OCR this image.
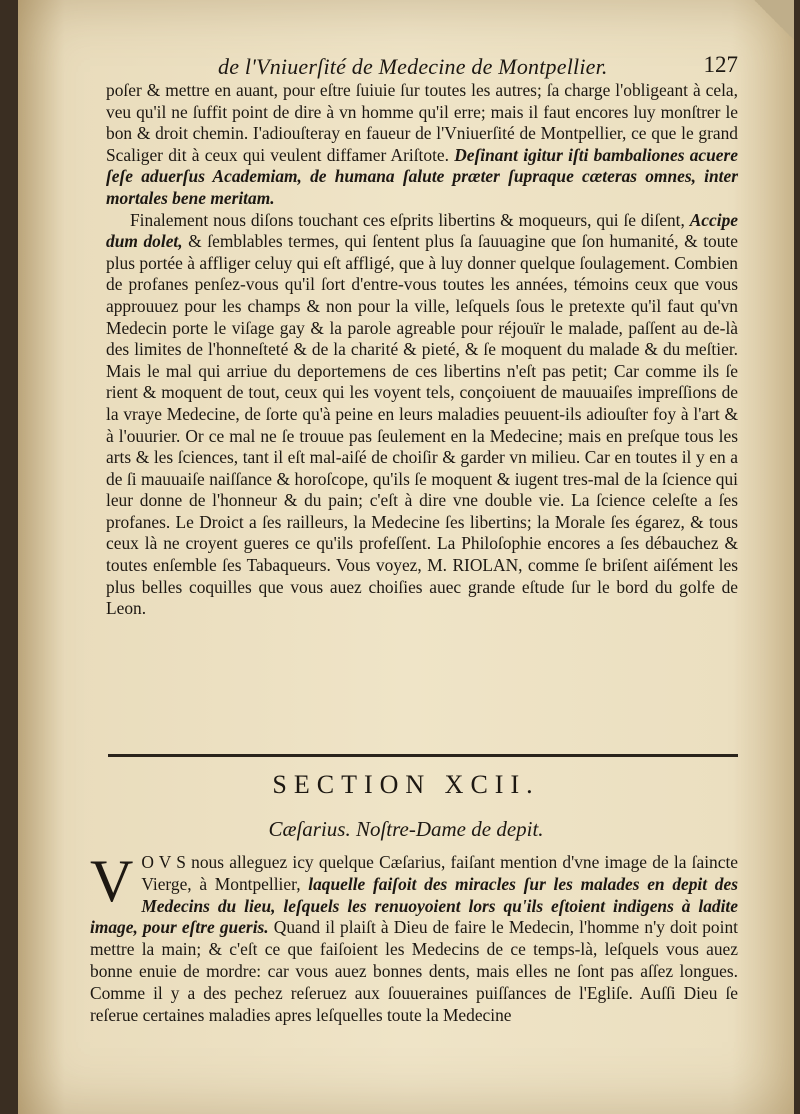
de l'Vniuerſité de Medecine de Montpellier.	127

poſer & mettre en auant, pour eſtre ſuiuie ſur toutes les autres; ſa charge l'obligeant à cela, veu qu'il ne ſuffit point de dire à vn homme qu'il erre; mais il faut encores luy monſtrer le bon & droit chemin. I'adiouſteray en faueur de l'Vniuerſité de Montpellier, ce que le grand Scaliger dit à ceux qui veulent diffamer Ariſtote. Deſinant igitur iſti bambaliones acuere ſeſe aduerſus Academiam, de humana ſalute præter ſupraque cæteras omnes, inter mortales bene meritam.

Finalement nous diſons touchant ces eſprits libertins & moqueurs, qui ſe diſent, Accipe dum dolet, & ſemblables termes, qui ſentent plus ſa ſauuagine que ſon humanité, & toute plus portée à affliger celuy qui eſt affligé, que à luy donner quelque ſoulagement. Combien de profanes penſez-vous qu'il ſort d'entre-vous toutes les années, témoins ceux que vous approuuez pour les champs & non pour la ville, leſquels ſous le pretexte qu'il faut qu'vn Medecin porte le viſage gay & la parole agreable pour réjouïr le malade, paſſent au de-là des limites de l'honneſteté & de la charité & pieté, & ſe moquent du malade & du meſtier. Mais le mal qui arriue du deportemens de ces libertins n'eſt pas petit; Car comme ils ſe rient & moquent de tout, ceux qui les voyent tels, conçoiuent de mauuaiſes impreſſions de la vraye Medecine, de ſorte qu'à peine en leurs maladies peuuent-ils adiouſter foy à l'art & à l'ouurier. Or ce mal ne ſe trouue pas ſeulement en la Medecine; mais en preſque tous les arts & les ſciences, tant il eſt mal-aiſé de choiſir & garder vn milieu. Car en toutes il y en a de ſi mauuaiſe naiſſance & horoſcope, qu'ils ſe moquent & iugent tres-mal de la ſcience qui leur donne de l'honneur & du pain; c'eſt à dire vne double vie. La ſcience celeſte a ſes profanes. Le Droict a ſes railleurs, la Medecine ſes libertins; la Morale ſes égarez, & tous ceux là ne croyent gueres ce qu'ils profeſſent. La Philoſophie encores a ſes débauchez & toutes enſemble ſes Tabaqueurs. Vous voyez, M. RIOLAN, comme ſe briſent aiſément les plus belles coquilles que vous auez choiſies auec grande eſtude ſur le bord du golfe de Leon.

SECTION XCII.
Cæſarius. Noſtre-Dame de depit.
V O V S nous alleguez icy quelque Cæſarius, faiſant mention d'vne image de la ſaincte Vierge, à Montpellier, laquelle faiſoit des miracles ſur les malades en depit des Medecins du lieu, leſquels les renuoyoient lors qu'ils eſtoient indigens à ladite image, pour eſtre gueris. Quand il plaiſt à Dieu de faire le Medecin, l'homme n'y doit point mettre la main; & c'eſt ce que faiſoient les Medecins de ce temps-là, leſquels vous auez bonne enuie de mordre: car vous auez bonnes dents, mais elles ne ſont pas aſſez longues. Comme il y a des pechez reſeruez aux ſouueraines puiſſances de l'Egliſe. Auſſi Dieu ſe reſerue certaines maladies apres leſquelles toute la Medecine
